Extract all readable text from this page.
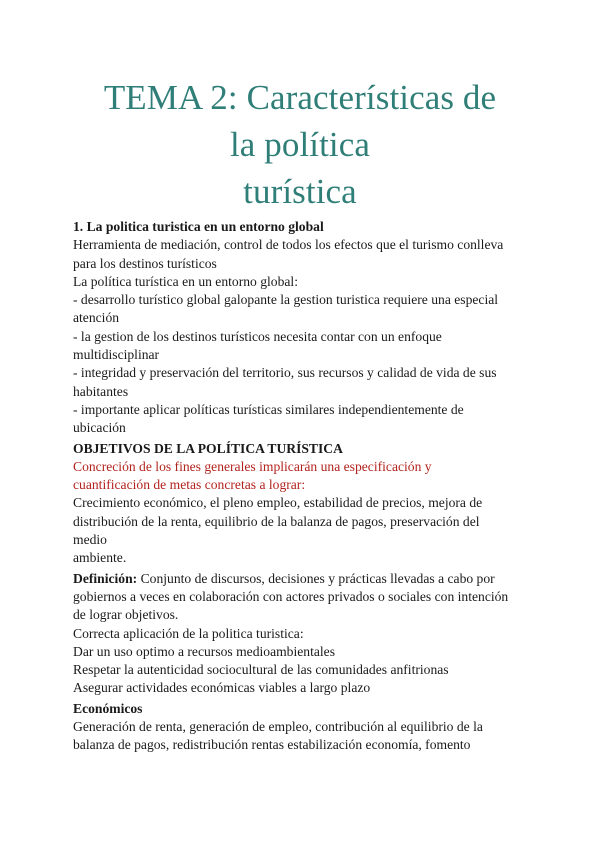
TEMA 2: Características de
la política
turística

1. La politica turistica en un entorno global

Herramienta de mediación, control de todos los efectos que el turismo conlleva

para los destinos turísticos

La política turística en un entorno global:

- desarrollo turístico global galopante la gestion turistica requiere una especial

atención

- la gestion de los destinos turísticos necesita contar con un enfoque

multidisciplinar

- integridad y preservación del territorio, sus recursos y calidad de vida de sus

habitantes

- importante aplicar políticas turísticas similares independientemente de

ubicación

OBJETIVOS DE LA POLÍTICA TURÍSTICA

Concreción de los fines generales implicarán una especificación y

cuantificación de metas concretas a lograr:

Crecimiento económico, el pleno empleo, estabilidad de precios, mejora de

distribución de la renta, equilibrio de la balanza de pagos, preservación del

medio

ambiente.

Definición: Conjunto de discursos, decisiones y prácticas llevadas a cabo por

gobiernos a veces en colaboración con actores privados o sociales con intención

de lograr objetivos.

Correcta aplicación de la politica turistica:

Dar un uso optimo a recursos medioambientales

Respetar la autenticidad sociocultural de las comunidades anfitrionas

Asegurar actividades económicas viables a largo plazo

Económicos

Generación de renta, generación de empleo, contribución al equilibrio de la

balanza de pagos, redistribución rentas estabilización economía, fomento
